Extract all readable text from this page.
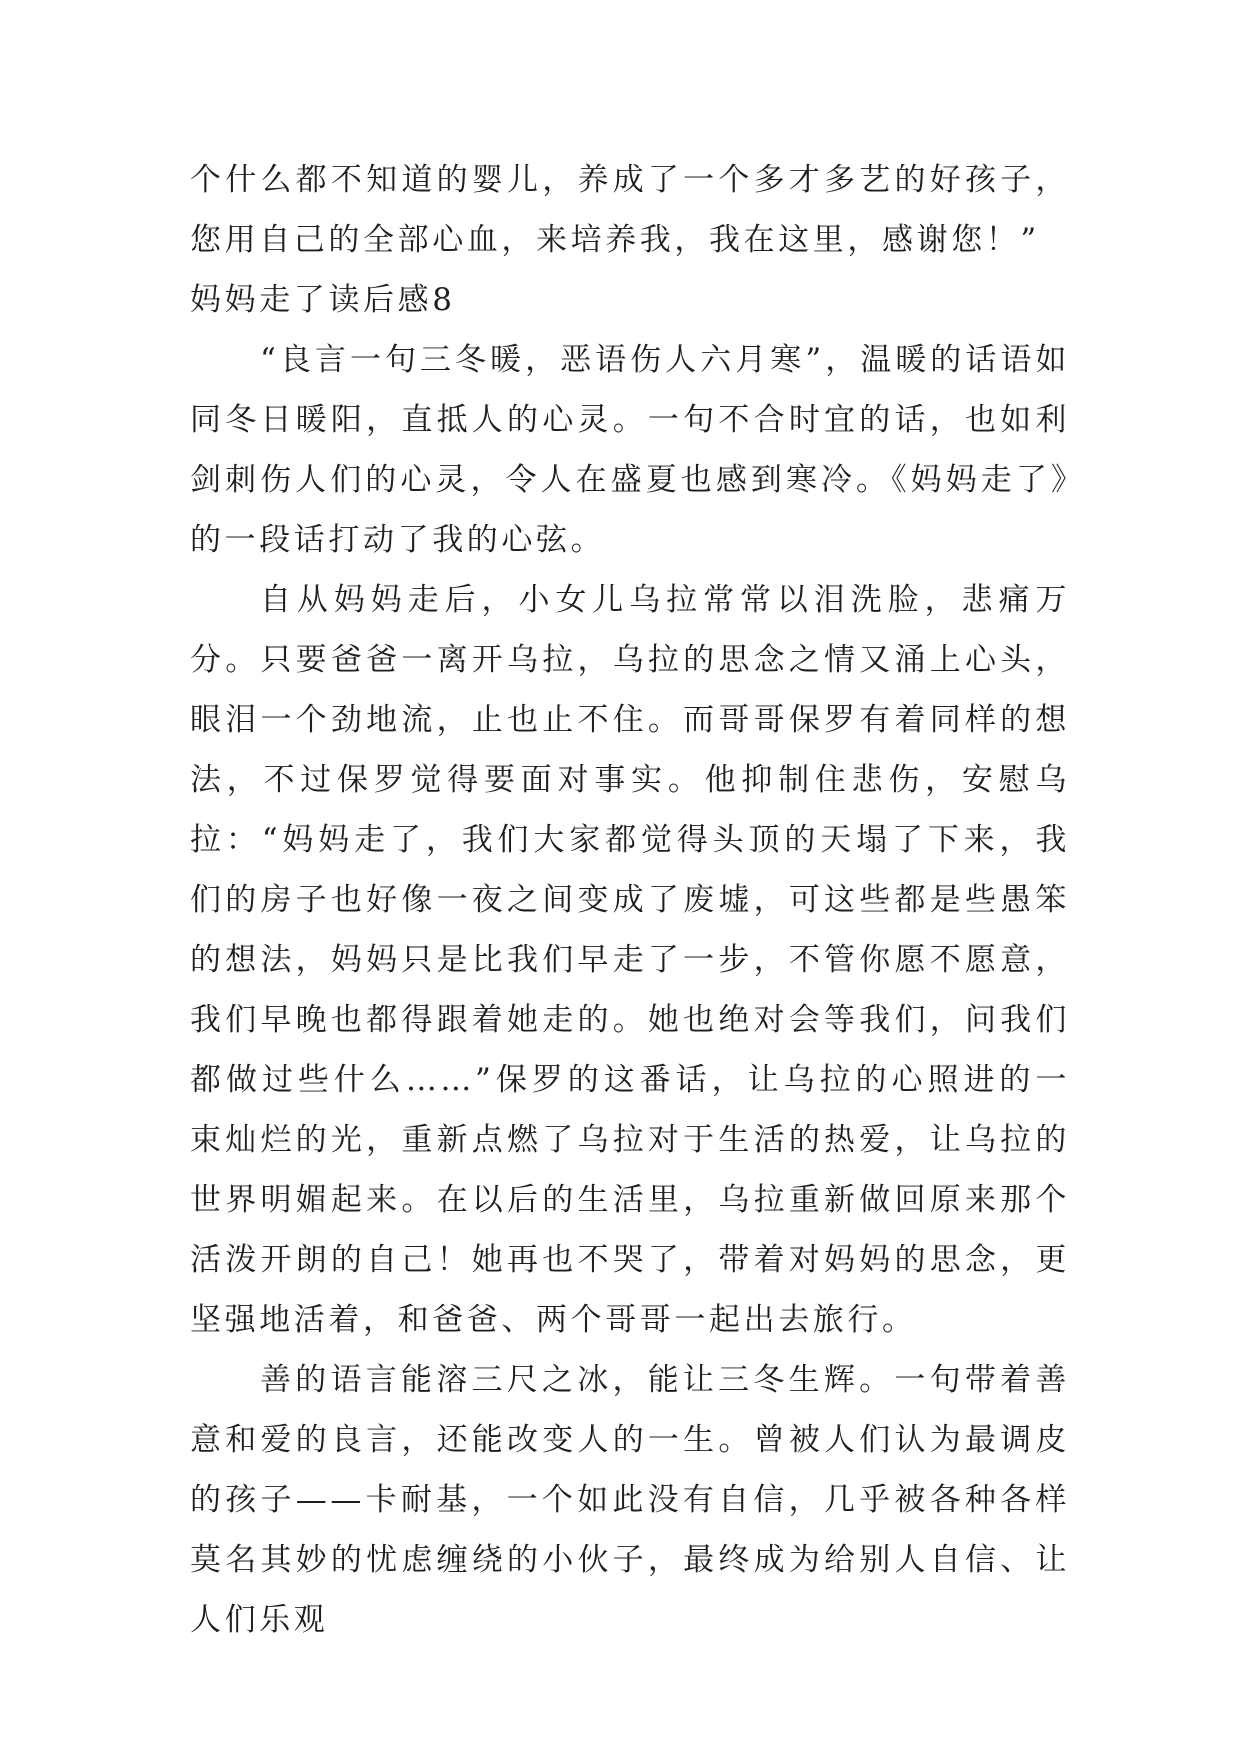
个什么都不知道的婴儿，养成了一个多才多艺的好孩子，您用自己的全部心血，来培养我，我在这里，感谢您！”

妈妈走了读后感8

“良言一句三冬暖，恶语伤人六月寒”，温暖的话语如同冬日暖阳，直抵人的心灵。一句不合时宜的话，也如利剑刺伤人们的心灵，令人在盛夏也感到寒冷。《妈妈走了》的一段话打动了我的心弦。

自从妈妈走后，小女儿乌拉常常以泪洗脸，悲痛万分。只要爸爸一离开乌拉，乌拉的思念之情又涌上心头，眼泪一个劲地流，止也止不住。而哥哥保罗有着同样的想法，不过保罗觉得要面对事实。他抑制住悲伤，安慰乌拉：“妈妈走了，我们大家都觉得头顶的天塌了下来，我们的房子也好像一夜之间变成了废墟，可这些都是些愚笨的想法，妈妈只是比我们早走了一步，不管你愿不愿意，我们早晚也都得跟着她走的。她也绝对会等我们，问我们都做过些什么……”保罗的这番话，让乌拉的心照进的一束灿烂的光，重新点燃了乌拉对于生活的热爱，让乌拉的世界明媚起来。在以后的生活里，乌拉重新做回原来那个活泼开朗的自己！她再也不哭了，带着对妈妈的思念，更坚强地活着，和爸爸、两个哥哥一起出去旅行。

善的语言能溶三尺之冰，能让三冬生辉。一句带着善意和爱的良言，还能改变人的一生。曾被人们认为最调皮的孩子——卡耐基，一个如此没有自信，几乎被各种各样莫名其妙的忧虑缠绕的小伙子，最终成为给别人自信、让人们乐观
